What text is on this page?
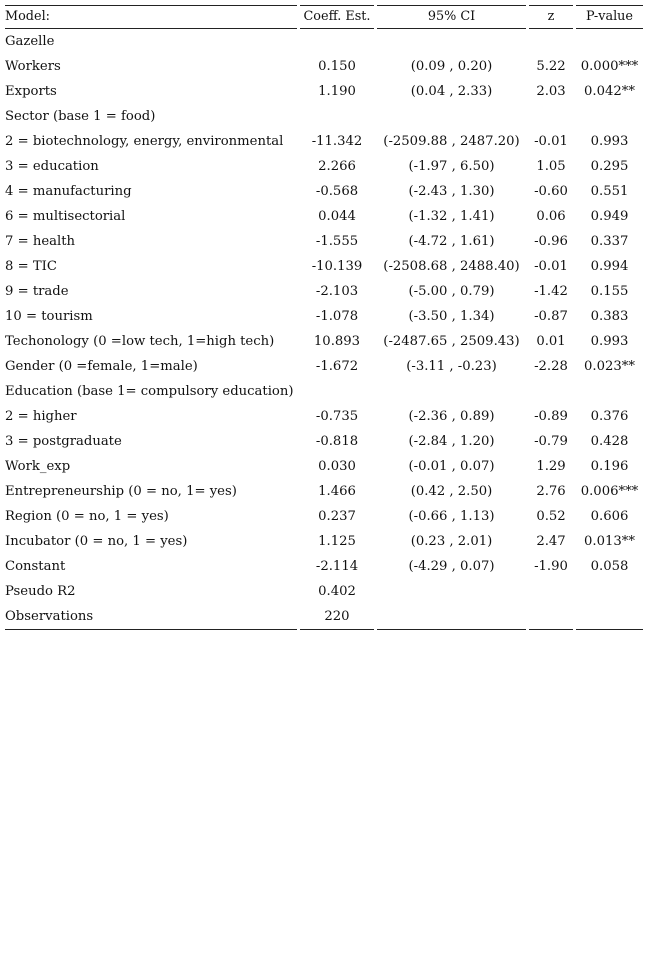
Model:	Coeff. Est.	95% CI	z	P-value
Gazelle				
Workers	0.150	(0.09 , 0.20)	5.22	0.000***
Exports	1.190	(0.04 , 2.33)	2.03	0.042**
Sector (base 1 = food)				
2 = biotechnology, energy, environmental	-11.342	(-2509.88 , 2487.20)	-0.01	0.993
3 = education	2.266	(-1.97 , 6.50)	1.05	0.295
4 = manufacturing	-0.568	(-2.43 , 1.30)	-0.60	0.551
6 = multisectorial	0.044	(-1.32 , 1.41)	0.06	0.949
7 = health	-1.555	(-4.72 , 1.61)	-0.96	0.337
8 = TIC	-10.139	(-2508.68 , 2488.40)	-0.01	0.994
9 = trade	-2.103	(-5.00 , 0.79)	-1.42	0.155
10 = tourism	-1.078	(-3.50 , 1.34)	-0.87	0.383
Techonology (0 =low tech, 1=high tech)	10.893	(-2487.65 , 2509.43)	0.01	0.993
Gender (0 =female, 1=male)	-1.672	(-3.11 , -0.23)	-2.28	0.023**
Education (base 1= compulsory education)				
2 = higher	-0.735	(-2.36 , 0.89)	-0.89	0.376
3 = postgraduate	-0.818	(-2.84 , 1.20)	-0.79	0.428
Work_exp	0.030	(-0.01 , 0.07)	1.29	0.196
Entrepreneurship (0 = no, 1= yes)	1.466	(0.42 , 2.50)	2.76	0.006***
Region (0 = no, 1 = yes)	0.237	(-0.66 , 1.13)	0.52	0.606
Incubator (0 = no, 1 = yes)	1.125	(0.23 , 2.01)	2.47	0.013**
Constant	-2.114	(-4.29 , 0.07)	-1.90	0.058
Pseudo R2	0.402			
Observations	220			
